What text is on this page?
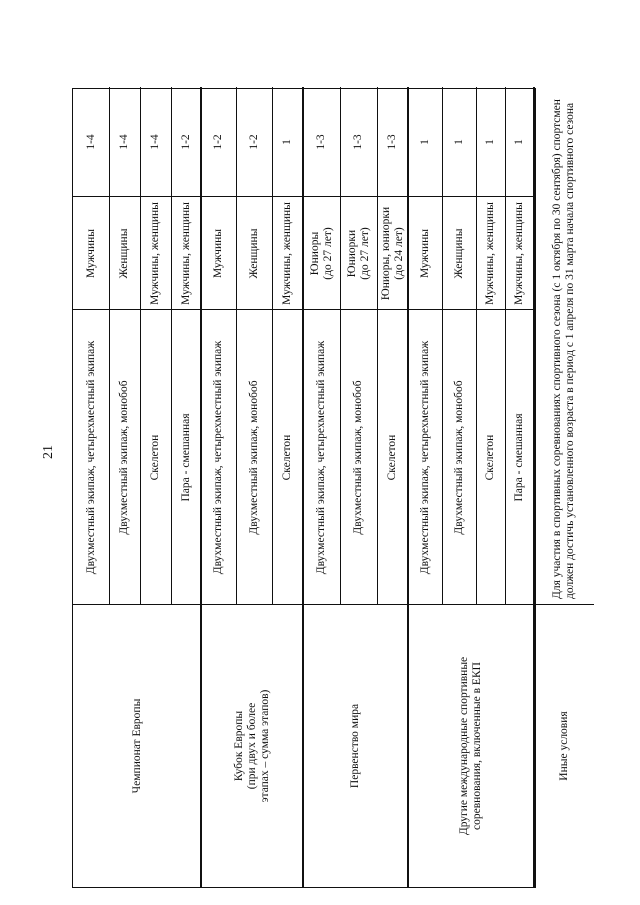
21
Чемпионат Европы
Двухместный экипаж, четырехместный экипаж
Мужчины
1-4
Двухместный экипаж, монобоб
Женщины
1-4
Скелетон
Мужчины, женщины
1-4
Пара - смешанная
Мужчины, женщины
1-2
Кубок Европы
(при двух и более
этапах – сумма этапов)
Двухместный экипаж, четырехместный экипаж
Мужчины
1-2
Двухместный экипаж, монобоб
Женщины
1-2
Скелетон
Мужчины, женщины
1
Первенство мира
Двухместный экипаж, четырехместный экипаж
Юниоры
(до 27 лет)
1-3
Двухместный экипаж, монобоб
Юниорки
(до 27 лет)
1-3
Скелетон
Юниоры, юниорки
(до 24 лет)
1-3
Другие международные спортивные
соревнования, включенные в ЕКП
Двухместный экипаж, четырехместный экипаж
Мужчины
1
Двухместный экипаж, монобоб
Женщины
1
Скелетон
Мужчины, женщины
1
Пара - смешанная
Мужчины, женщины
1
Иные условия
Для участия в спортивных соревнованиях спортивного сезона (с 1 октября по 30 сентября) спортсмен
должен достичь установленного возраста в период с 1 апреля по 31 марта начала спортивного сезона
